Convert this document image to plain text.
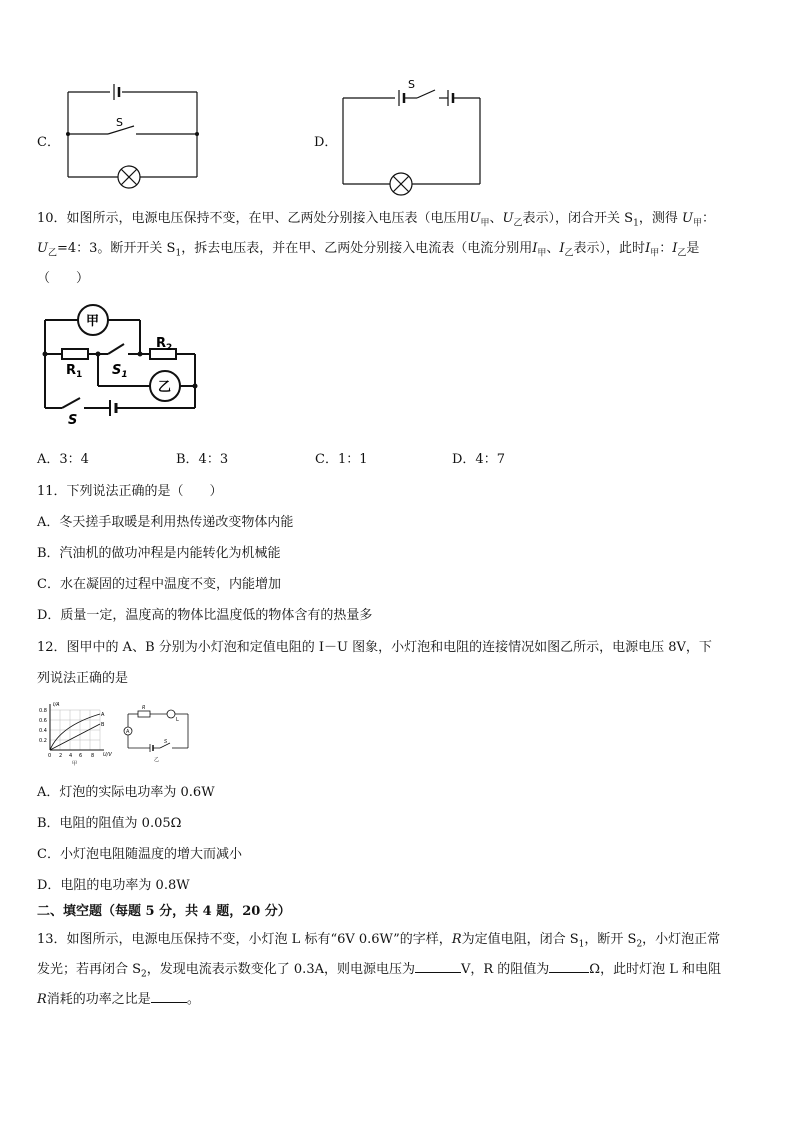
C．
S
D．
S
10．如图所示，电源电压保持不变，在甲、乙两处分别接入电压表（电压用$U_甲$、$U_乙$表示），闭合开关 $S_1$，测得 $U_甲$：
$U_乙=4$：3。断开开关 $S_1$，拆去电压表，并在甲、乙两处分别接入电流表（电流分别用$I_甲$、$I_乙$表示），此时$I_甲$：$I_乙$是
（　　）
甲
乙
$R_1$
$R_2$
$S_1$
S
A．3：4	B．4：3	C．1：1	D．4：7
11．下列说法正确的是（　　）
A．冬天搓手取暖是利用热传递改变物体内能
B．汽油机的做功冲程是内能转化为机械能
C．水在凝固的过程中温度不变，内能增加
D．质量一定，温度高的物体比温度低的物体含有的热量多
12．图甲中的 A、B 分别为小灯泡和定值电阻的 I－U 图象，小灯泡和电阻的连接情况如图乙所示，电源电压 8V，下
列说法正确的是
I/A
U/V
0.8
0.6
0.4
0.2
0 2 4 6 8
A
B
甲
R
L
A
S
乙
A．灯泡的实际电功率为 0.6W
B．电阻的阻值为 0.05Ω
C．小灯泡电阻随温度的增大而减小
D．电阻的电功率为 0.8W
二、填空题（每题 5 分，共 4 题，20 分）
13．如图所示，电源电压保持不变，小灯泡 L 标有“6V 0.6W”的字样，R为定值电阻，闭合 $S_1$，断开 $S_2$，小灯泡正常
发光；若再闭合 $S_2$，发现电流表示数变化了 0.3A，则电源电压为	V，R 的阻值为	Ω，此时灯泡 L 和电阻
R消耗的功率之比是	。
